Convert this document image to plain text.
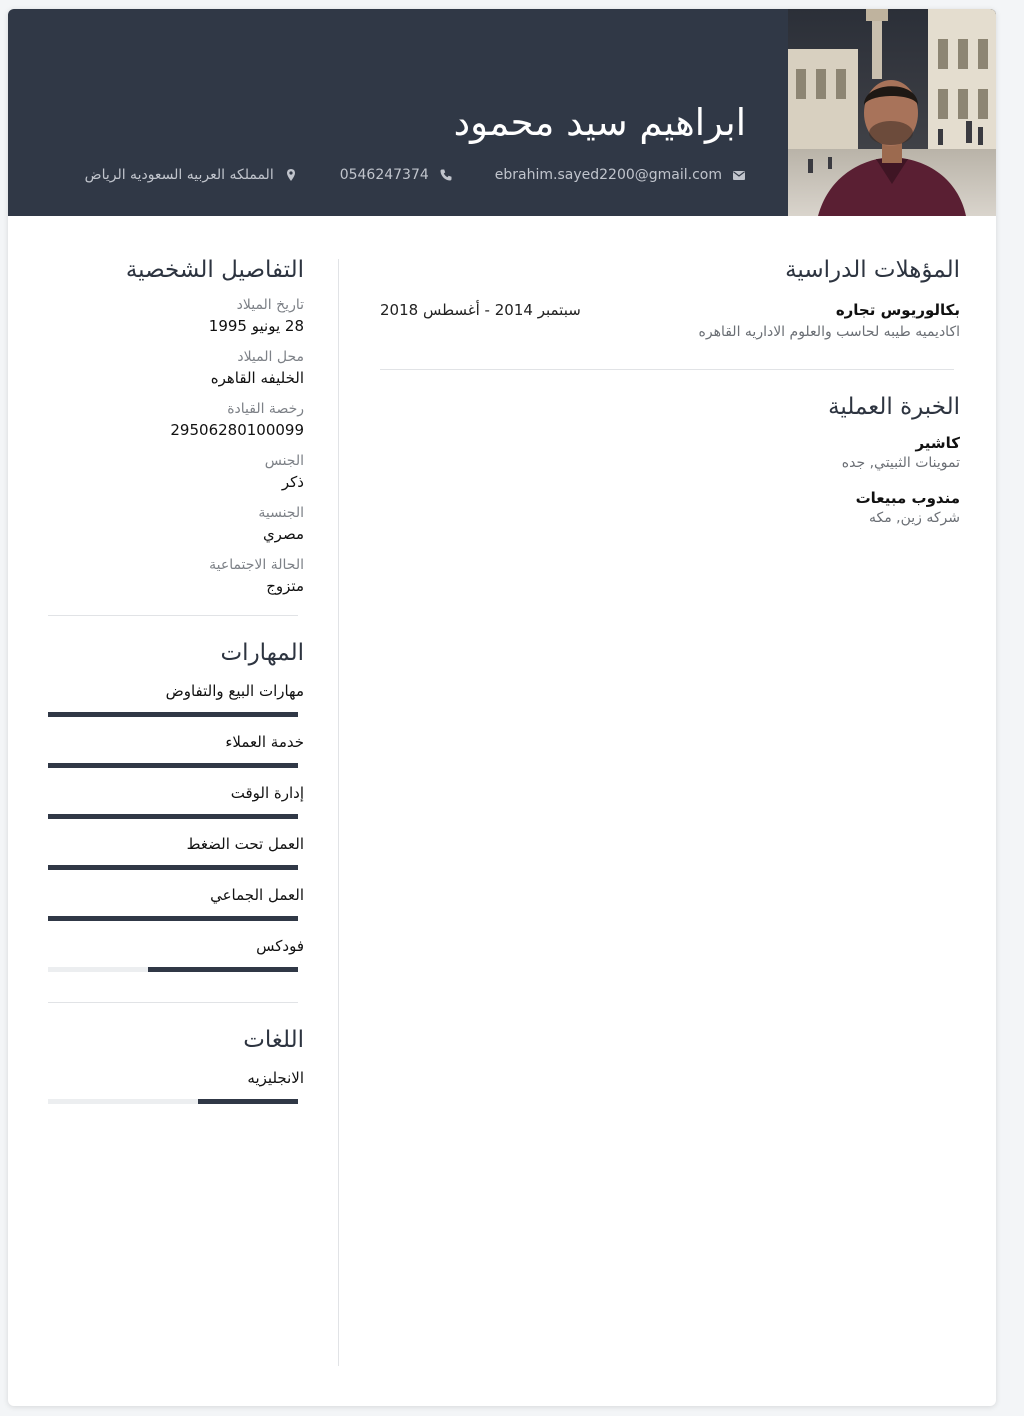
ابراهيم سيد محمود
ebrahim.sayed2200@gmail.com
0546247374
المملكه العربيه السعوديه الرياض
المؤهلات الدراسية
بكالوريوس تجاره
سبتمبر 2014 - أغسطس 2018
اكاديميه طيبه لحاسب والعلوم الاداريه القاهره
الخبرة العملية
كاشير
تموينات الثبيتي, جده
مندوب مبيعات
شركه زين, مكه
التفاصيل الشخصية
تاريخ الميلاد
28 يونيو 1995
محل الميلاد
الخليفه القاهره
رخصة القيادة
29506280100099
الجنس
ذكر
الجنسية
مصري
الحالة الاجتماعية
متزوج
المهارات
مهارات البيع والتفاوض
خدمة العملاء
إدارة الوقت
العمل تحت الضغط
العمل الجماعي
فودكس
اللغات
الانجليزيه
